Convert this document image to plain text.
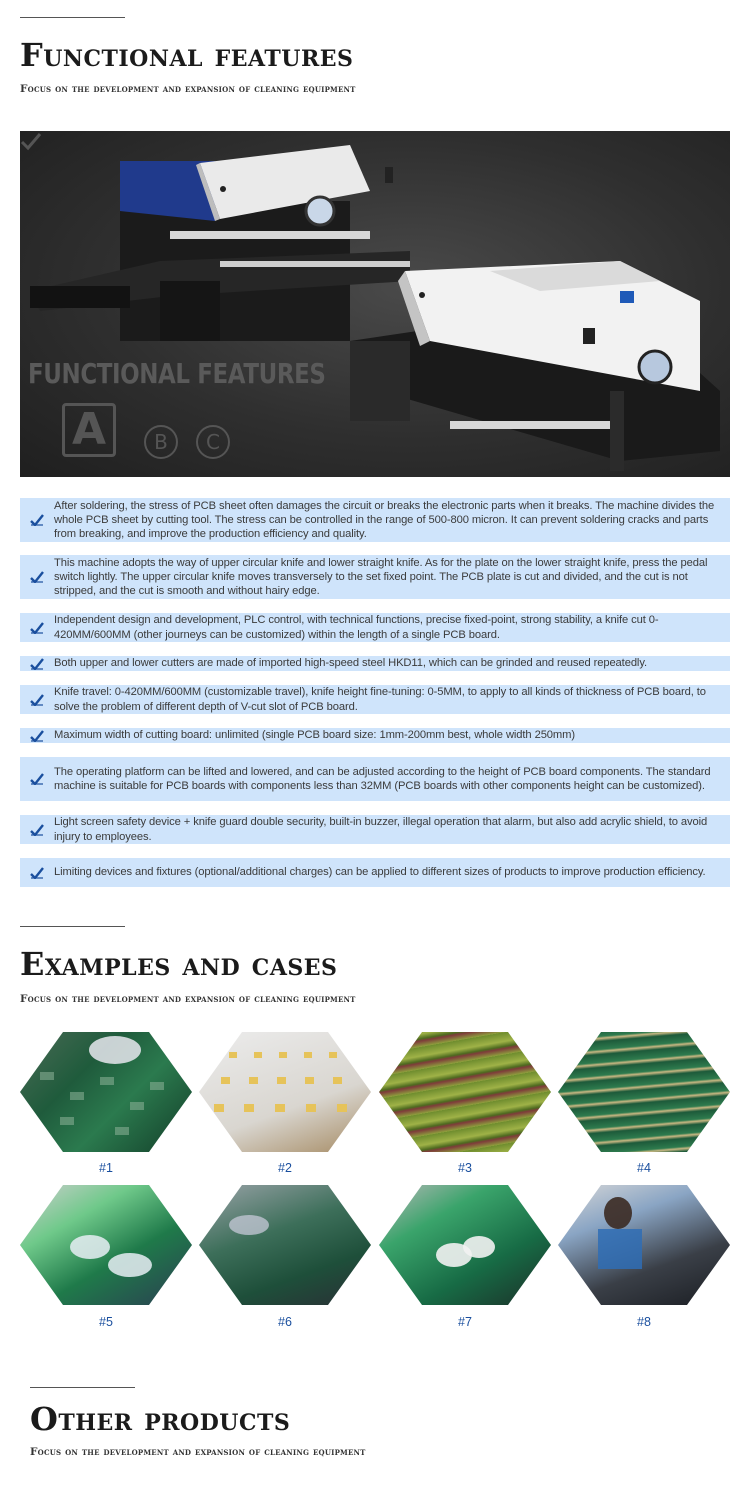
Functional features
Focus on the development and expansion of cleaning equipment
FUNCTIONAL FEATURES
A	B	C
After soldering, the stress of PCB sheet often damages the circuit or breaks the electronic parts when it breaks. The machine divides the whole PCB sheet by cutting tool. The stress can be controlled in the range of 500-800 micron. It can prevent soldering cracks and parts from breaking, and improve the production efficiency and quality.
This machine adopts the way of upper circular knife and lower straight knife. As for the plate on the lower straight knife, press the pedal switch lightly. The upper circular knife moves transversely to the set fixed point. The PCB plate is cut and divided, and the cut is not stripped, and the cut is smooth and without hairy edge.
Independent design and development, PLC control, with technical functions, precise fixed-point, strong stability, a knife cut 0-420MM/600MM (other journeys can be customized) within the length of a single PCB board.
Both upper and lower cutters are made of imported high-speed steel HKD11, which can be grinded and reused repeatedly.
Knife travel: 0-420MM/600MM (customizable travel), knife height fine-tuning: 0-5MM, to apply to all kinds of thickness of PCB board, to solve the problem of different depth of V-cut slot of PCB board.
Maximum width of cutting board: unlimited (single PCB board size: 1mm-200mm best, whole width 250mm)
The operating platform can be lifted and lowered, and can be adjusted according to the height of PCB board components. The standard machine is suitable for PCB boards with components less than 32MM (PCB boards with other components height can be customized).
Light screen safety device + knife guard double security, built-in buzzer, illegal operation that alarm, but also add acrylic shield, to avoid injury to employees.
Limiting devices and fixtures (optional/additional charges) can be applied to different sizes of products to improve production efficiency.
Examples and cases
Focus on the development and expansion of cleaning equipment
#1	#2	#3	#4
#5	#6	#7	#8
Other products
Focus on the development and expansion of cleaning equipment
